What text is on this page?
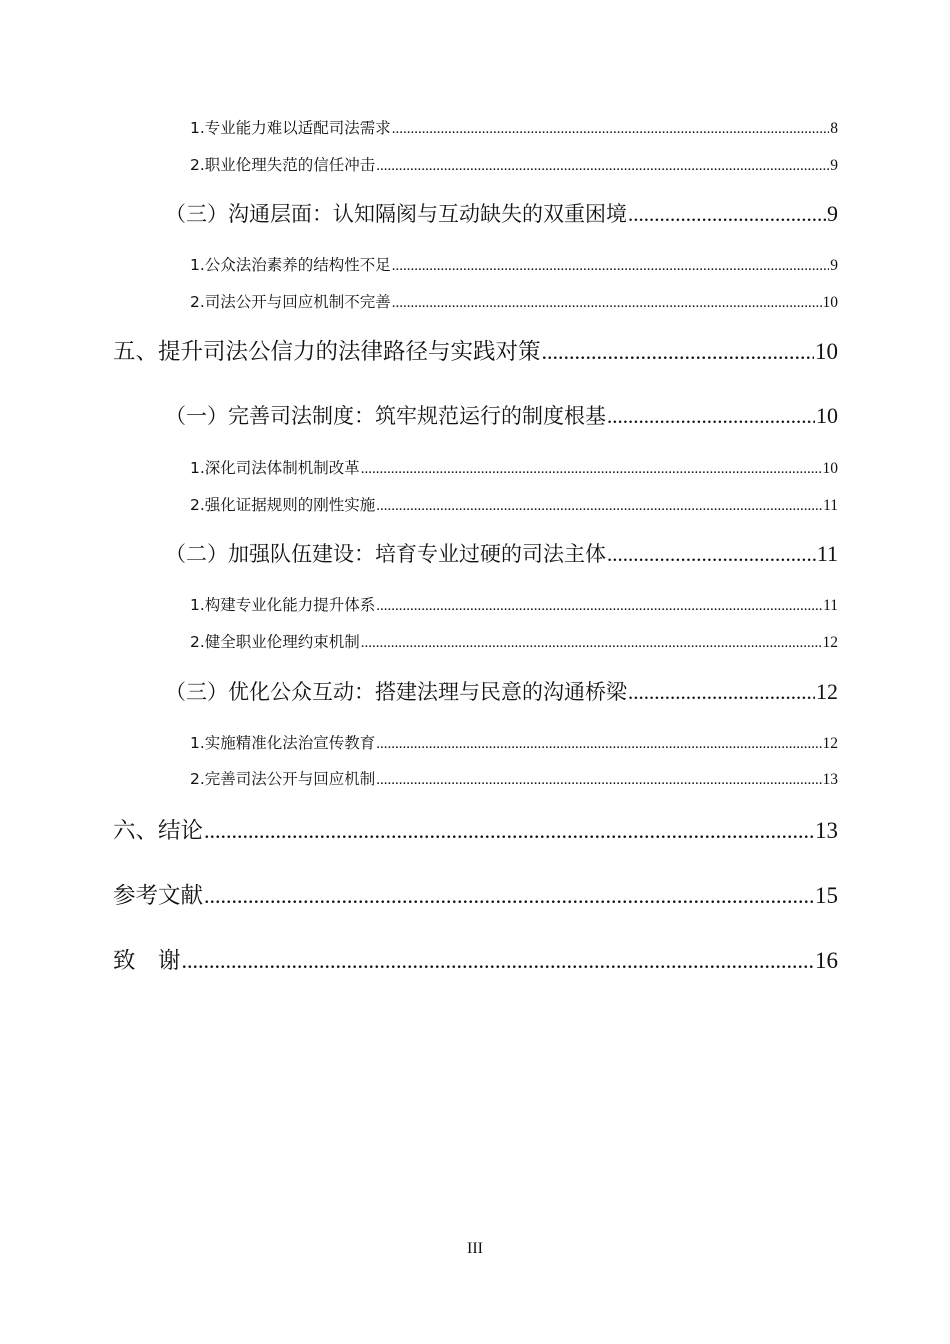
1.专业能力难以适配司法需求 .....	8
2.职业伦理失范的信任冲击 .....	9
（三）沟通层面：认知隔阂与互动缺失的双重困境 .....	9
1.公众法治素养的结构性不足 .....	9
2.司法公开与回应机制不完善 .....	10
五、提升司法公信力的法律路径与实践对策 .....	10
（一）完善司法制度：筑牢规范运行的制度根基 .....	10
1.深化司法体制机制改革 .....	10
2.强化证据规则的刚性实施 .....	11
（二）加强队伍建设：培育专业过硬的司法主体 .....	11
1.构建专业化能力提升体系 .....	11
2.健全职业伦理约束机制 .....	12
（三）优化公众互动：搭建法理与民意的沟通桥梁 .....	12
1.实施精准化法治宣传教育 .....	12
2.完善司法公开与回应机制 .....	13
六、结论 .....	13
参考文献 .....	15
致　谢 .....	16
III
